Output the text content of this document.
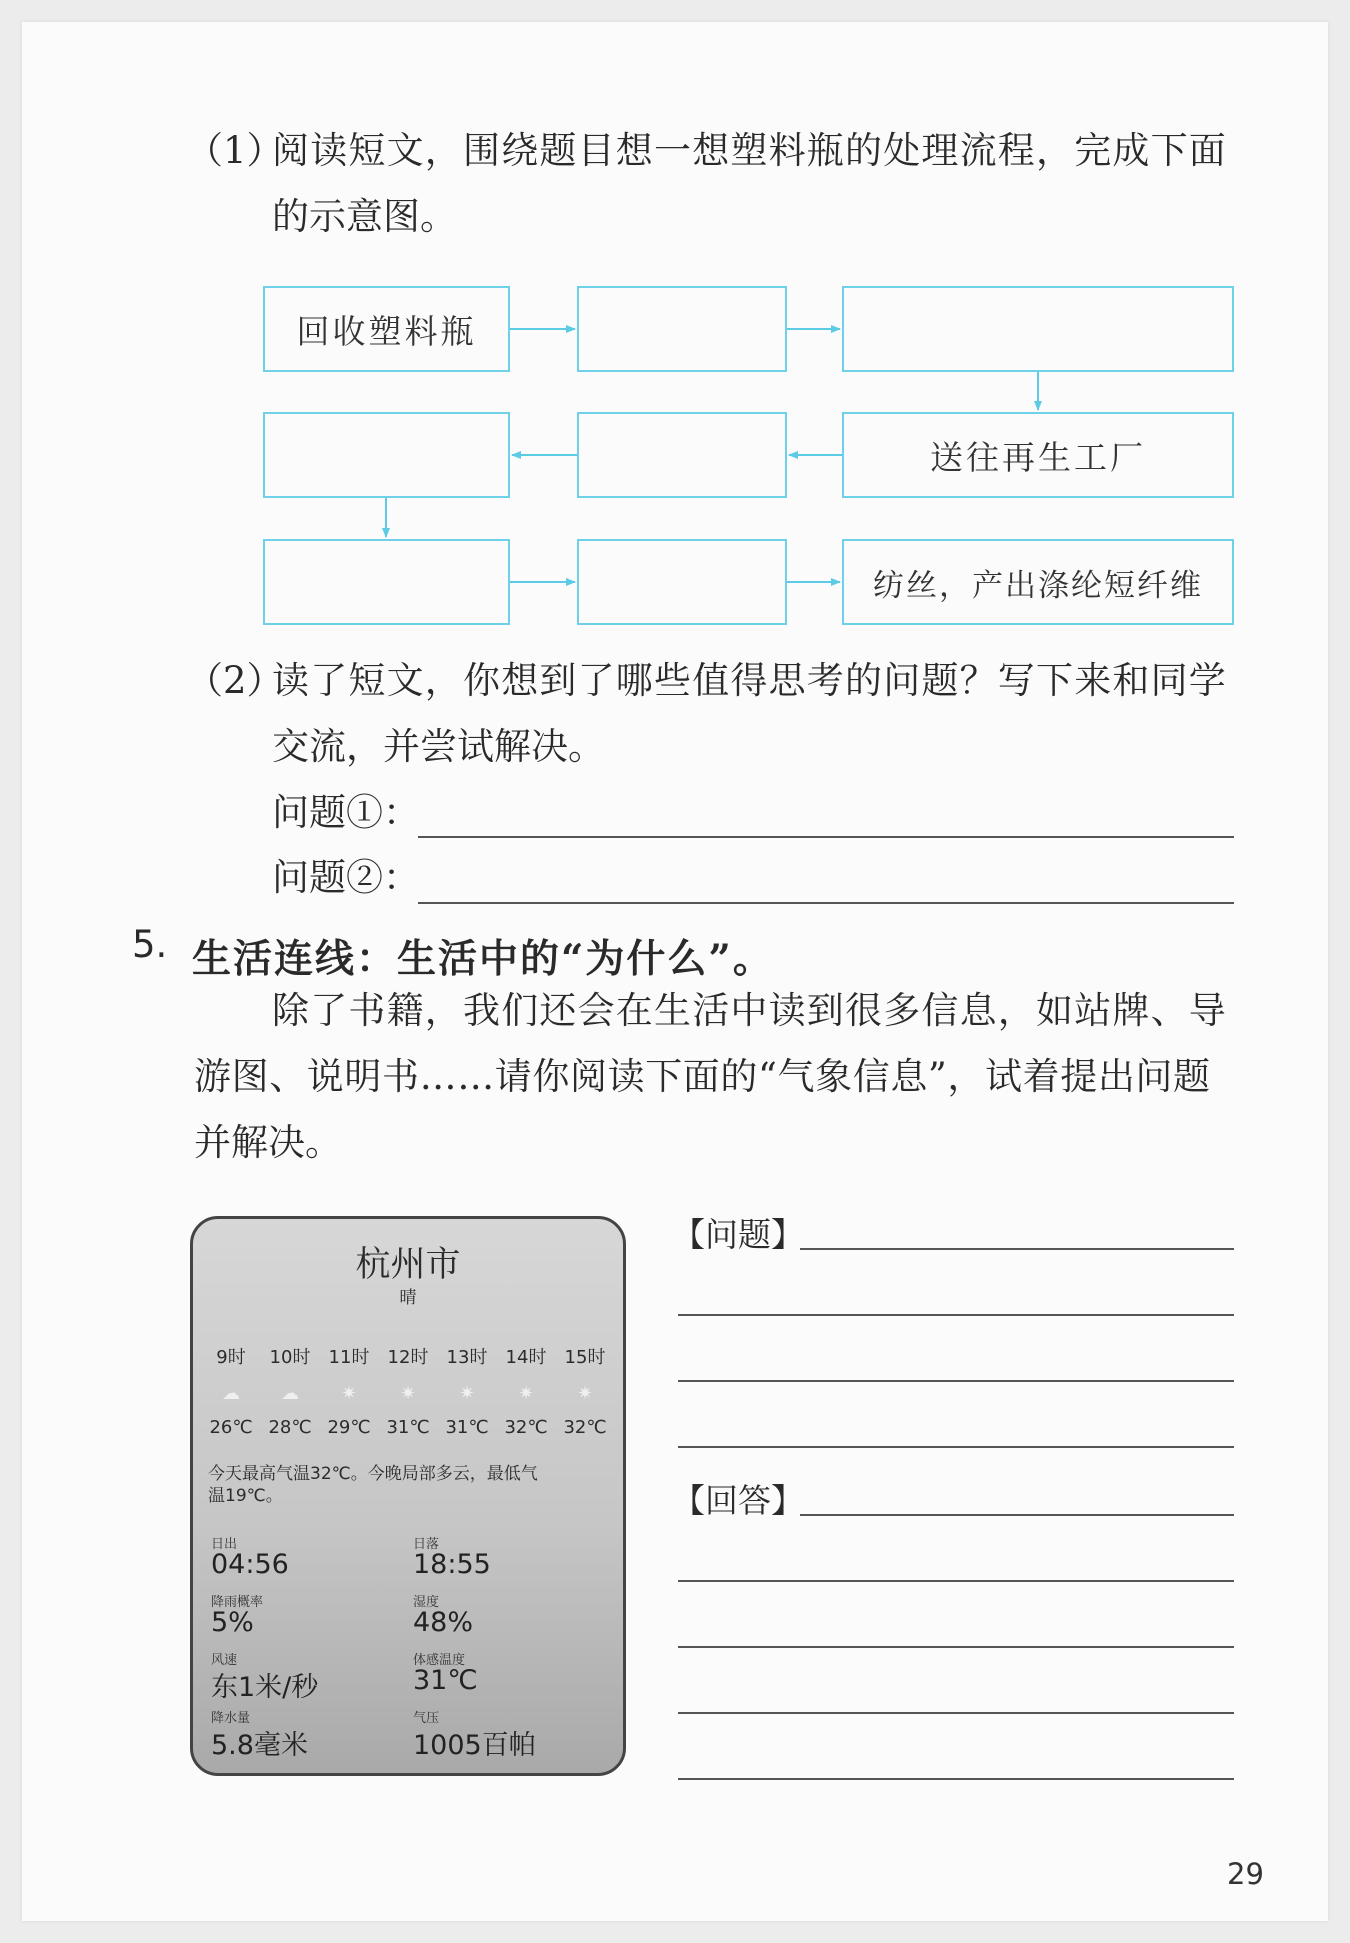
（1）
阅读短文，围绕题目想一想塑料瓶的处理流程，完成下面
的示意图。
回收塑料瓶
送往再生工厂
纺丝，产出涤纶短纤维
（2）
读了短文，你想到了哪些值得思考的问题？写下来和同学
交流，并尝试解决。
问题①：
问题②：
5. 生活连线：生活中的“为什么”。
除了书籍，我们还会在生活中读到很多信息，如站牌、导
游图、说明书……请你阅读下面的“气象信息”，试着提出问题
并解决。
杭州市
晴
9时 10时 11时 12时 13时 14时 15时
☁ ☁ ✷ ✷ ✷ ✷ ✷
26℃ 28℃ 29℃ 31℃ 31℃ 32℃ 32℃
今天最高气温32℃。今晚局部多云，最低气
温19℃。
日出
04:56
日落
18:55
降雨概率
5%
湿度
48%
风速
东1米/秒
体感温度
31℃
降水量
5.8毫米
气压
1005百帕
【问题】
【回答】
29
